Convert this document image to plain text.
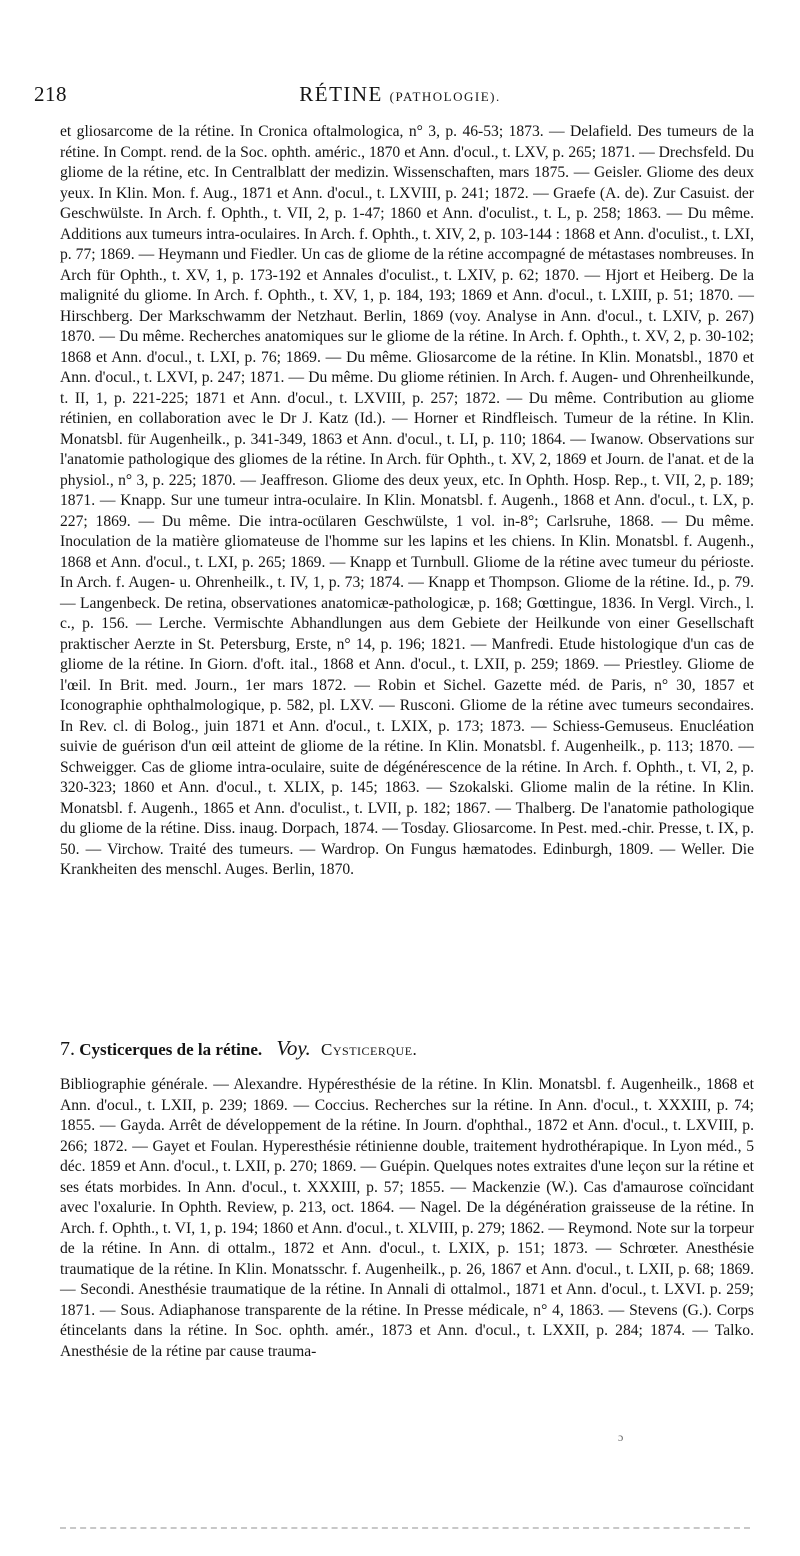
218	RÉTINE (PATHOLOGIE).

et gliosarcome de la rétine. In Cronica oftalmologica, n° 3, p. 46-53; 1873. — Delafield. Des tumeurs de la rétine. In Compt. rend. de la Soc. ophth. améric., 1870 et Ann. d'ocul., t. LXV, p. 265; 1871. — Drechsfeld. Du gliome de la rétine, etc. In Centralblatt der medizin. Wissenschaften, mars 1875. — Geisler. Gliome des deux yeux. In Klin. Mon. f. Aug., 1871 et Ann. d'ocul., t. LXVIII, p. 241; 1872. — Graefe (A. de). Zur Casuist. der Geschwülste. In Arch. f. Ophth., t. VII, 2, p. 1-47; 1860 et Ann. d'oculist., t. L, p. 258; 1863. — Du même. Additions aux tumeurs intra-oculaires. In Arch. f. Ophth., t. XIV, 2, p. 103-144 : 1868 et Ann. d'oculist., t. LXI, p. 77; 1869. — Heymann und Fiedler. Un cas de gliome de la rétine accompagné de métastases nombreuses. In Arch für Ophth., t. XV, 1, p. 173-192 et Annales d'oculist., t. LXIV, p. 62; 1870. — Hjort et Heiberg. De la malignité du gliome. In Arch. f. Ophth., t. XV, 1, p. 184, 193; 1869 et Ann. d'ocul., t. LXIII, p. 51; 1870. — Hirschberg. Der Markschwamm der Netzhaut. Berlin, 1869 (voy. Analyse in Ann. d'ocul., t. LXIV, p. 267) 1870. — Du même. Recherches anatomiques sur le gliome de la rétine. In Arch. f. Ophth., t. XV, 2, p. 30-102; 1868 et Ann. d'ocul., t. LXI, p. 76; 1869. — Du même. Gliosarcome de la rétine. In Klin. Monatsbl., 1870 et Ann. d'ocul., t. LXVI, p. 247; 1871. — Du même. Du gliome rétinien. In Arch. f. Augen- und Ohrenheilkunde, t. II, 1, p. 221-225; 1871 et Ann. d'ocul., t. LXVIII, p. 257; 1872. — Du même. Contribution au gliome rétinien, en collaboration avec le Dr J. Katz (Id.). — Horner et Rindfleisch. Tumeur de la rétine. In Klin. Monatsbl. für Augenheilk., p. 341-349, 1863 et Ann. d'ocul., t. LI, p. 110; 1864. — Iwanow. Observations sur l'anatomie pathologique des gliomes de la rétine. In Arch. für Ophth., t. XV, 2, 1869 et Journ. de l'anat. et de la physiol., n° 3, p. 225; 1870. — Jeaffreson. Gliome des deux yeux, etc. In Ophth. Hosp. Rep., t. VII, 2, p. 189; 1871. — Knapp. Sur une tumeur intra-oculaire. In Klin. Monatsbl. f. Augenh., 1868 et Ann. d'ocul., t. LX, p. 227; 1869. — Du même. Die intra-ocülaren Geschwülste, 1 vol. in-8°; Carlsruhe, 1868. — Du même. Inoculation de la matière gliomateuse de l'homme sur les lapins et les chiens. In Klin. Monatsbl. f. Augenh., 1868 et Ann. d'ocul., t. LXI, p. 265; 1869. — Knapp et Turnbull. Gliome de la rétine avec tumeur du périoste. In Arch. f. Augen- u. Ohrenheilk., t. IV, 1, p. 73; 1874. — Knapp et Thompson. Gliome de la rétine. Id., p. 79. — Langenbeck. De retina, observationes anatomicæ-pathologicæ, p. 168; Gœttingue, 1836. In Vergl. Virch., l. c., p. 156. — Lerche. Vermischte Abhandlungen aus dem Gebiete der Heilkunde von einer Gesellschaft praktischer Aerzte in St. Petersburg, Erste, n° 14, p. 196; 1821. — Manfredi. Etude histologique d'un cas de gliome de la rétine. In Giorn. d'oft. ital., 1868 et Ann. d'ocul., t. LXII, p. 259; 1869. — Priestley. Gliome de l'œil. In Brit. med. Journ., 1er mars 1872. — Robin et Sichel. Gazette méd. de Paris, n° 30, 1857 et Iconographie ophthalmologique, p. 582, pl. LXV. — Rusconi. Gliome de la rétine avec tumeurs secondaires. In Rev. cl. di Bolog., juin 1871 et Ann. d'ocul., t. LXIX, p. 173; 1873. — Schiess-Gemuseus. Enucléation suivie de guérison d'un œil atteint de gliome de la rétine. In Klin. Monatsbl. f. Augenheilk., p. 113; 1870. — Schweigger. Cas de gliome intra-oculaire, suite de dégénérescence de la rétine. In Arch. f. Ophth., t. VI, 2, p. 320-323; 1860 et Ann. d'ocul., t. XLIX, p. 145; 1863. — Szokalski. Gliome malin de la rétine. In Klin. Monatsbl. f. Augenh., 1865 et Ann. d'oculist., t. LVII, p. 182; 1867. — Thalberg. De l'anatomie pathologique du gliome de la rétine. Diss. inaug. Dorpach, 1874. — Tosday. Gliosarcome. In Pest. med.-chir. Presse, t. IX, p. 50. — Virchow. Traité des tumeurs. — Wardrop. On Fungus hæmatodes. Edinburgh, 1809. — Weller. Die Krankheiten des menschl. Auges. Berlin, 1870.

7. Cysticerques de la rétine. Voy. Cysticerque.

Bibliographie générale. — Alexandre. Hypéresthésie de la rétine. In Klin. Monatsbl. f. Augenheilk., 1868 et Ann. d'ocul., t. LXII, p. 239; 1869. — Coccius. Recherches sur la rétine. In Ann. d'ocul., t. XXXIII, p. 74; 1855. — Gayda. Arrêt de développement de la rétine. In Journ. d'ophthal., 1872 et Ann. d'ocul., t. LXVIII, p. 266; 1872. — Gayet et Foulan. Hyperesthésie rétinienne double, traitement hydrothérapique. In Lyon méd., 5 déc. 1859 et Ann. d'ocul., t. LXII, p. 270; 1869. — Guépin. Quelques notes extraites d'une leçon sur la rétine et ses états morbides. In Ann. d'ocul., t. XXXIII, p. 57; 1855. — Mackenzie (W.). Cas d'amaurose coïncidant avec l'oxalurie. In Ophth. Review, p. 213, oct. 1864. — Nagel. De la dégénération graisseuse de la rétine. In Arch. f. Ophth., t. VI, 1, p. 194; 1860 et Ann. d'ocul., t. XLVIII, p. 279; 1862. — Reymond. Note sur la torpeur de la rétine. In Ann. di ottalm., 1872 et Ann. d'ocul., t. LXIX, p. 151; 1873. — Schrœter. Anesthésie traumatique de la rétine. In Klin. Monatsschr. f. Augenheilk., p. 26, 1867 et Ann. d'ocul., t. LXII, p. 68; 1869. — Secondi. Anesthésie traumatique de la rétine. In Annali di ottalmol., 1871 et Ann. d'ocul., t. LXVI. p. 259; 1871. — Sous. Adiaphanose transparente de la rétine. In Presse médicale, n° 4, 1863. — Stevens (G.). Corps étincelants dans la rétine. In Soc. ophth. amér., 1873 et Ann. d'ocul., t. LXXII, p. 284; 1874. — Talko. Anesthésie de la rétine par cause trauma-

ɔ
